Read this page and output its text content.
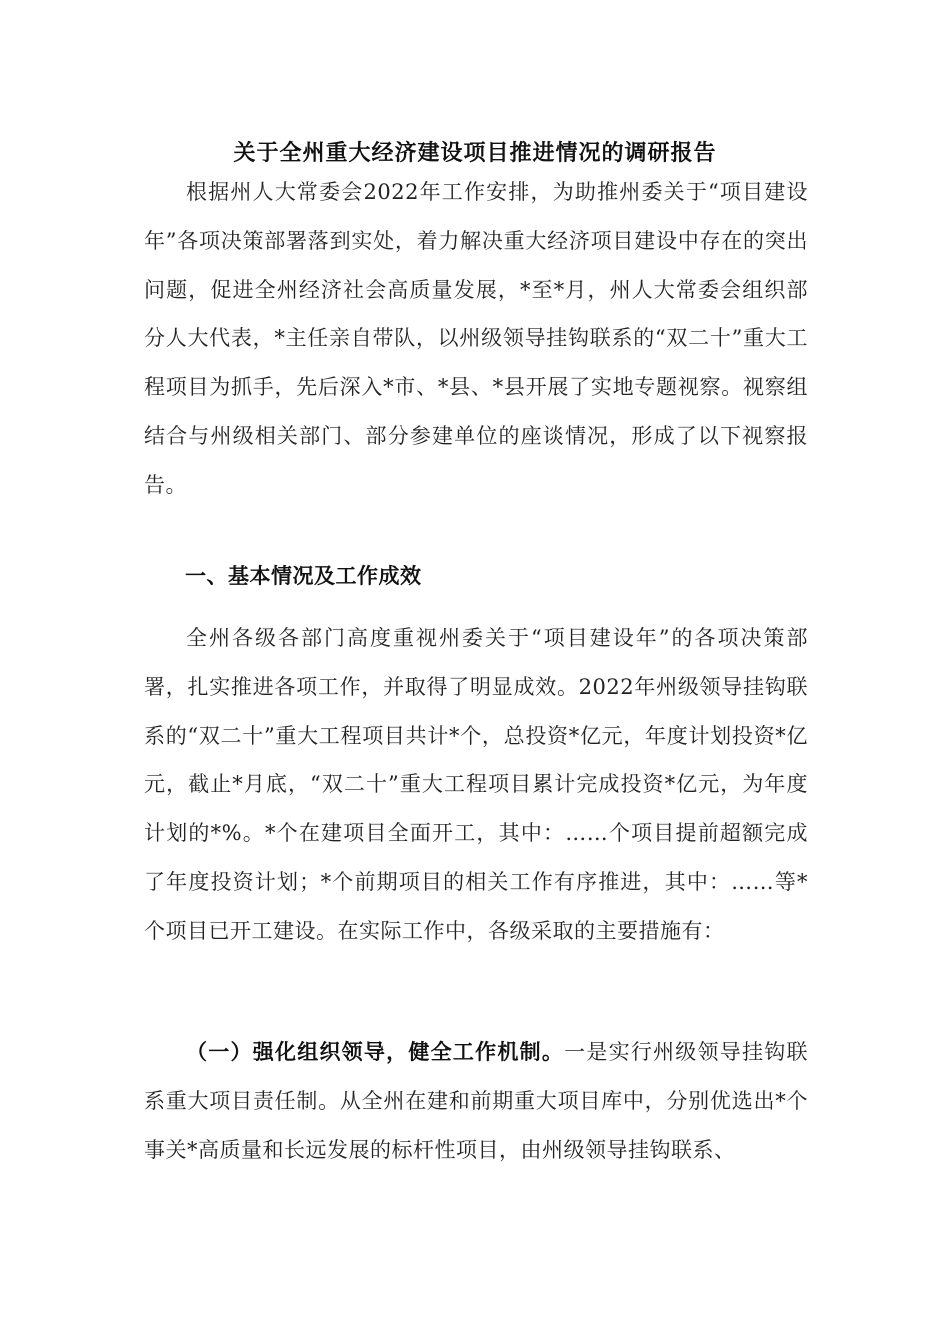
关于全州重大经济建设项目推进情况的调研报告

根据州人大常委会2022年工作安排，为助推州委关于“项目建设年”各项决策部署落到实处，着力解决重大经济项目建设中存在的突出问题，促进全州经济社会高质量发展，*至*月，州人大常委会组织部分人大代表，*主任亲自带队，以州级领导挂钩联系的“双二十”重大工程项目为抓手，先后深入*市、*县、*县开展了实地专题视察。视察组结合与州级相关部门、部分参建单位的座谈情况，形成了以下视察报告。

一、基本情况及工作成效

全州各级各部门高度重视州委关于“项目建设年”的各项决策部署，扎实推进各项工作，并取得了明显成效。2022年州级领导挂钩联系的“双二十”重大工程项目共计*个，总投资*亿元，年度计划投资*亿元，截止*月底，“双二十”重大工程项目累计完成投资*亿元，为年度计划的*%。*个在建项目全面开工，其中：……个项目提前超额完成了年度投资计划；*个前期项目的相关工作有序推进，其中：……等*个项目已开工建设。在实际工作中，各级采取的主要措施有：

（一）强化组织领导，健全工作机制。一是实行州级领导挂钩联系重大项目责任制。从全州在建和前期重大项目库中，分别优选出*个事关*高质量和长远发展的标杆性项目，由州级领导挂钩联系、
